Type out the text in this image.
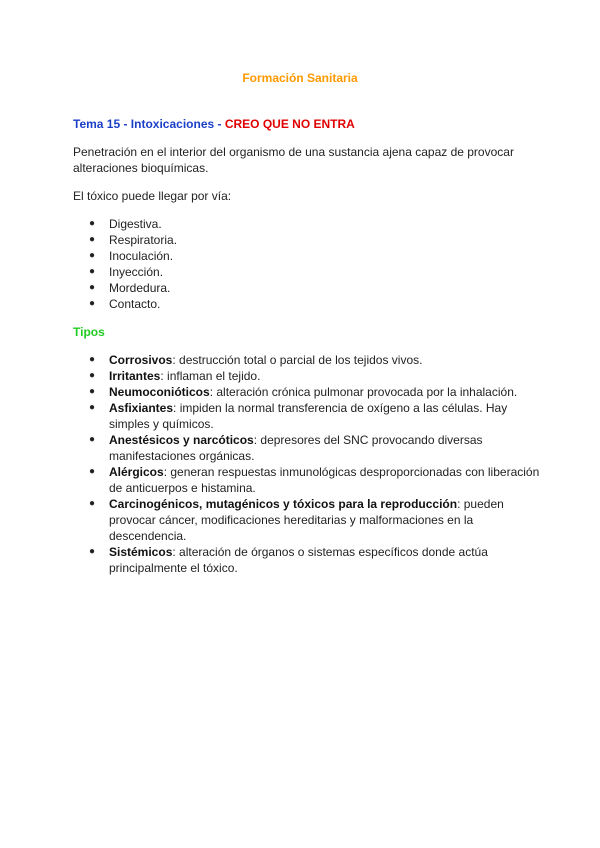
Formación Sanitaria
Tema 15 - Intoxicaciones - CREO QUE NO ENTRA

Penetración en el interior del organismo de una sustancia ajena capaz de provocar alteraciones bioquímicas.

El tóxico puede llegar por vía:

● Digestiva.
● Respiratoria.
● Inoculación.
● Inyección.
● Mordedura.
● Contacto.
Tipos
● Corrosivos: destrucción total o parcial de los tejidos vivos.
● Irritantes: inflaman el tejido.
● Neumoconióticos: alteración crónica pulmonar provocada por la inhalación.
● Asfixiantes: impiden la normal transferencia de oxígeno a las células. Hay simples y químicos.
● Anestésicos y narcóticos: depresores del SNC provocando diversas manifestaciones orgánicas.
● Alérgicos: generan respuestas inmunológicas desproporcionadas con liberación de anticuerpos e histamina.
● Carcinogénicos, mutagénicos y tóxicos para la reproducción: pueden provocar cáncer, modificaciones hereditarias y malformaciones en la descendencia.
● Sistémicos: alteración de órganos o sistemas específicos donde actúa principalmente el tóxico.
